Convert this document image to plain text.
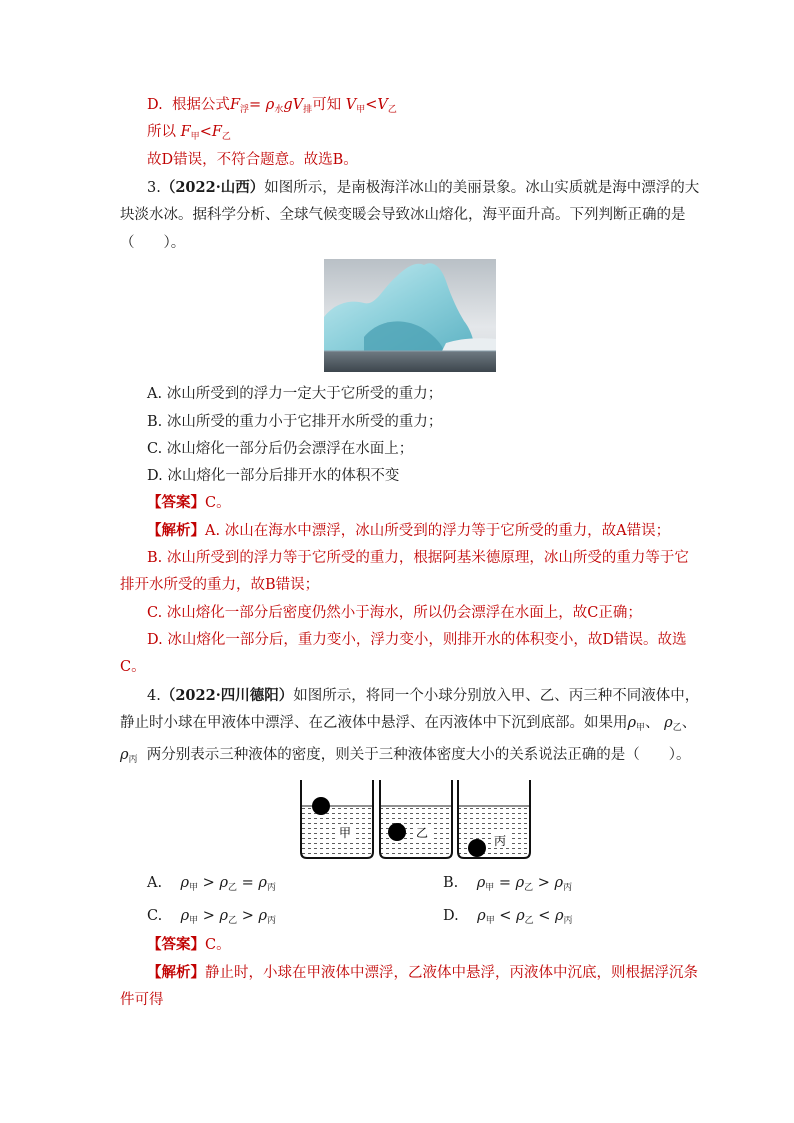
D. 根据公式$F_浮= \rho_水gV_排$可知 $V_甲<V_乙$
所以 $F_甲<F_乙$
故D错误，不符合题意。故选B。
3.（2022·山西）如图所示，是南极海洋冰山的美丽景象。冰山实质就是海中漂浮的大
块淡水冰。据科学分析、全球气候变暖会导致冰山熔化，海平面升高。下列判断正确的是
（　　）。
A. 冰山所受到的浮力一定大于它所受的重力；
B. 冰山所受的重力小于它排开水所受的重力；
C. 冰山熔化一部分后仍会漂浮在水面上；
D. 冰山熔化一部分后排开水的体积不变
【答案】C。
【解析】A. 冰山在海水中漂浮，冰山所受到的浮力等于它所受的重力，故A错误；
B. 冰山所受到的浮力等于它所受的重力，根据阿基米德原理，冰山所受的重力等于它
排开水所受的重力，故B错误；
C. 冰山熔化一部分后密度仍然小于海水，所以仍会漂浮在水面上，故C正确；
D. 冰山熔化一部分后，重力变小，浮力变小，则排开水的体积变小，故D错误。故选
C。
4.（2022·四川德阳）如图所示，将同一个小球分别放入甲、乙、丙三种不同液体中，
静止时小球在甲液体中漂浮、在乙液体中悬浮、在丙液体中下沉到底部。如果用$\rho_甲$、 $\rho_乙$、
$\rho_丙$ 两分别表示三种液体的密度，则关于三种液体密度大小的关系说法正确的是（　　）。
甲	乙
丙
A. $\rho_甲 > \rho_乙 = \rho_丙$	B. $\rho_甲 = \rho_乙 > \rho_丙$
C. $\rho_甲 > \rho_乙 > \rho_丙$	D. $\rho_甲 < \rho_乙 < \rho_丙$
【答案】C。
【解析】静止时，小球在甲液体中漂浮，乙液体中悬浮，丙液体中沉底，则根据浮沉条
件可得
